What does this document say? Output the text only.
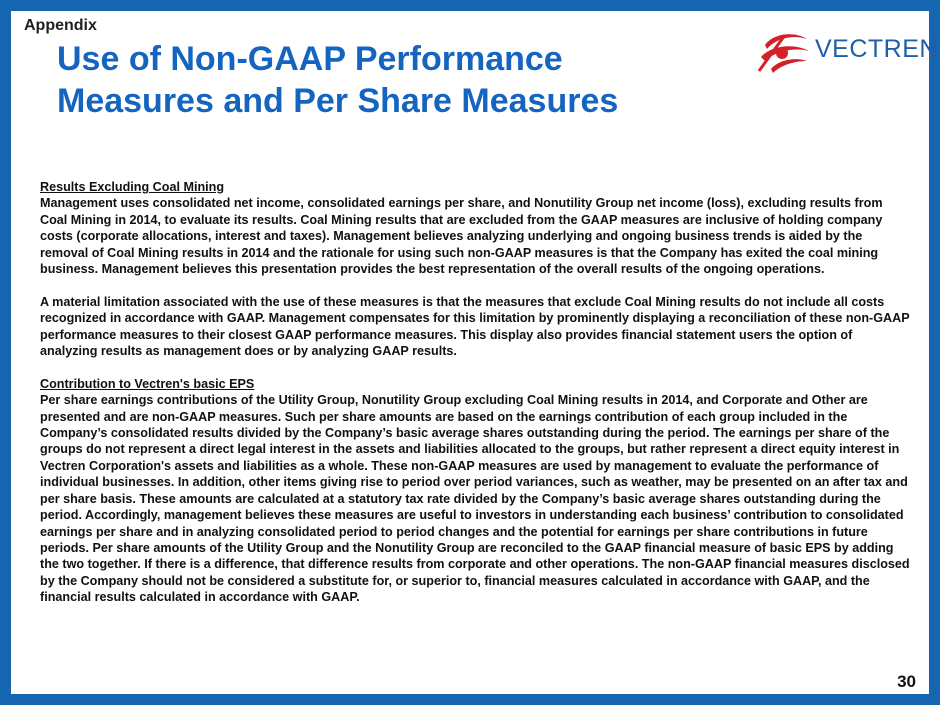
Appendix
Use of Non-GAAP Performance
Measures and Per Share Measures
VECTREN
Results Excluding Coal Mining

Management uses consolidated net income, consolidated earnings per share, and Nonutility Group net income (loss), excluding results from Coal Mining in 2014, to evaluate its results. Coal Mining results that are excluded from the GAAP measures are inclusive of holding company costs (corporate allocations, interest and taxes). Management believes analyzing underlying and ongoing business trends is aided by the removal of Coal Mining results in 2014 and the rationale for using such non-GAAP measures is that the Company has exited the coal mining business. Management believes this presentation provides the best representation of the overall results of the ongoing operations.

A material limitation associated with the use of these measures is that the measures that exclude Coal Mining results do not include all costs recognized in accordance with GAAP. Management compensates for this limitation by prominently displaying a reconciliation of these non-GAAP performance measures to their closest GAAP performance measures. This display also provides financial statement users the option of analyzing results as management does or by analyzing GAAP results.

Contribution to Vectren's basic EPS

Per share earnings contributions of the Utility Group, Nonutility Group excluding Coal Mining results in 2014, and Corporate and Other are presented and are non-GAAP measures. Such per share amounts are based on the earnings contribution of each group included in the Company’s consolidated results divided by the Company’s basic average shares outstanding during the period. The earnings per share of the groups do not represent a direct legal interest in the assets and liabilities allocated to the groups, but rather represent a direct equity interest in Vectren Corporation's assets and liabilities as a whole. These non-GAAP measures are used by management to evaluate the performance of individual businesses. In addition, other items giving rise to period over period variances, such as weather, may be presented on an after tax and per share basis. These amounts are calculated at a statutory tax rate divided by the Company’s basic average shares outstanding during the period. Accordingly, management believes these measures are useful to investors in understanding each business’ contribution to consolidated earnings per share and in analyzing consolidated period to period changes and the potential for earnings per share contributions in future periods. Per share amounts of the Utility Group and the Nonutility Group are reconciled to the GAAP financial measure of basic EPS by adding the two together. If there is a difference, that difference results from corporate and other operations. The non-GAAP financial measures disclosed by the Company should not be considered a substitute for, or superior to, financial measures calculated in accordance with GAAP, and the financial results calculated in accordance with GAAP.

30
